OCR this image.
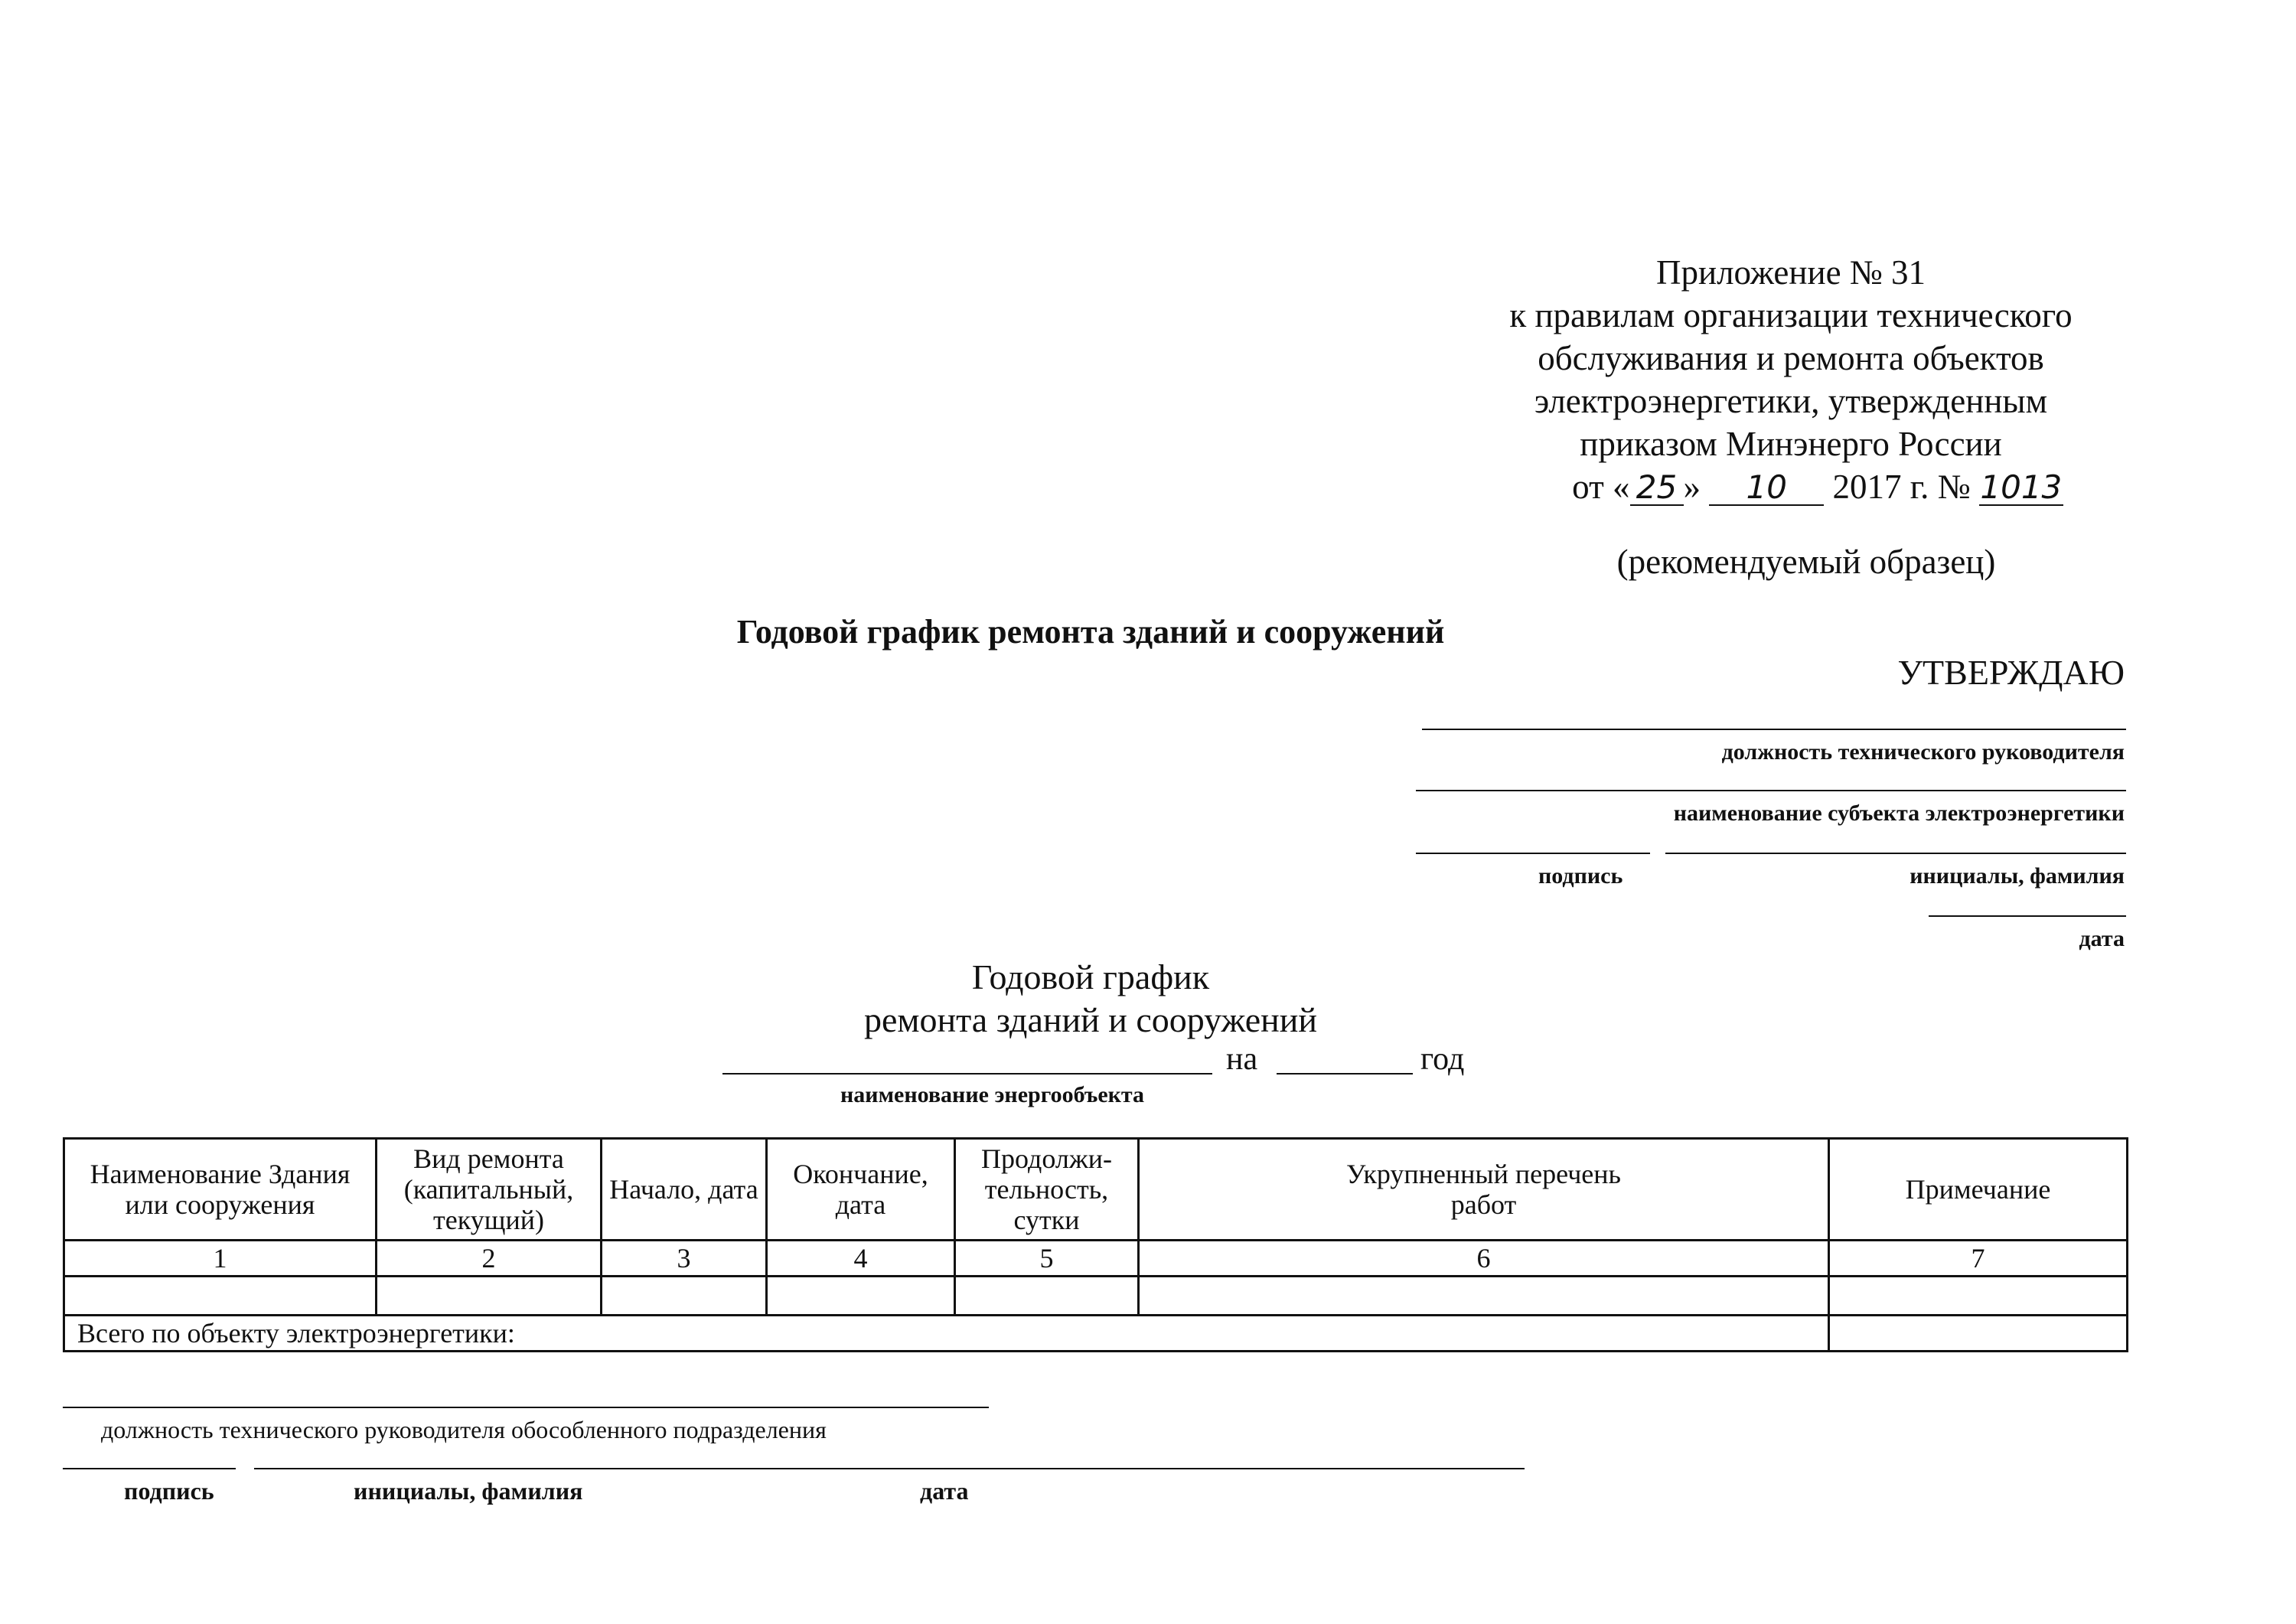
Приложение № 31
к правилам организации технического
обслуживания и ремонта объектов
электроэнергетики, утвержденным
приказом Минэнерго России
от « 25 » 10 2017 г. № 1013
(рекомендуемый образец)
Годовой график ремонта зданий и сооружений
УТВЕРЖДАЮ
должность технического руководителя
наименование субъекта электроэнергетики
подпись	инициалы, фамилия
дата
Годовой график
ремонта зданий и сооружений
на	год
наименование энергообъекта
Наименование Здания или сооружения	Вид ремонта (капитальный, текущий)	Начало, дата	Окончание, дата	Продолжи-тельность, сутки	Укрупненный перечень работ	Примечание
1	2	3	4	5	6	7

Всего по объекту электроэнергетики:						
должность технического руководителя обособленного подразделения
подпись	инициалы, фамилия	дата
